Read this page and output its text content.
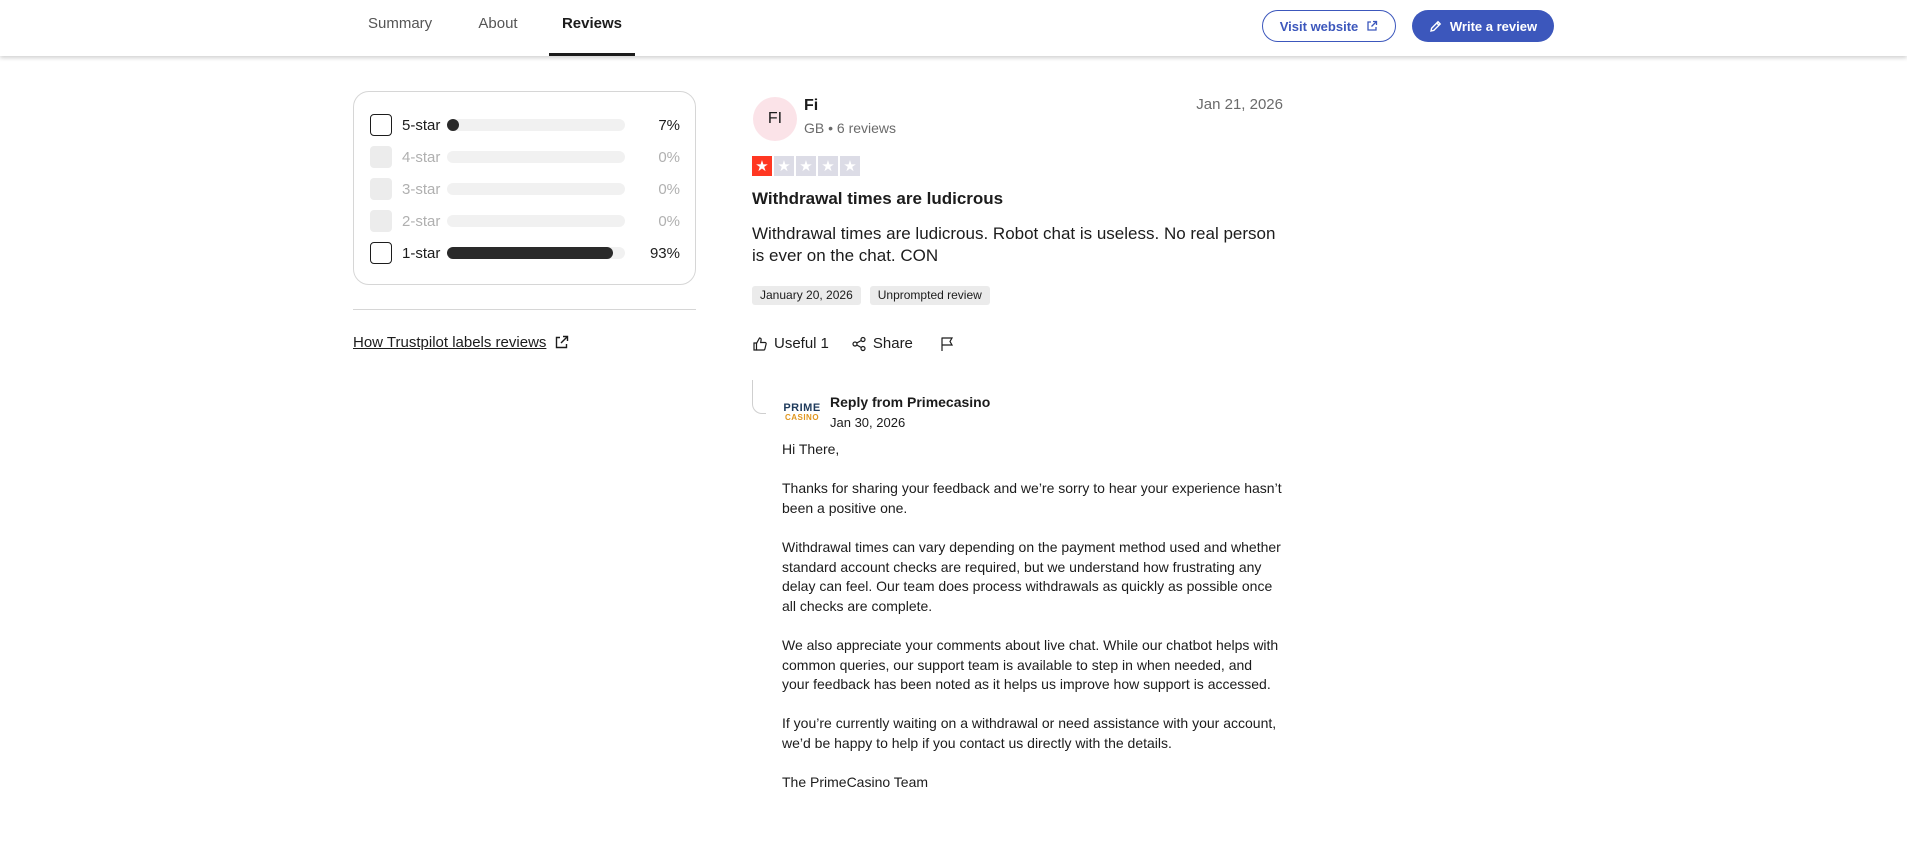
Summary	About	Reviews	Visit website	Write a review
5-star	7%
4-star	0%
3-star	0%
2-star	0%
1-star	93%
How Trustpilot labels reviews
FI
Fi
GB • 6 reviews
Jan 21, 2026
★ ★ ★ ★ ★
Withdrawal times are ludicrous
Withdrawal times are ludicrous. Robot chat is useless. No real person is ever on the chat. CON
January 20, 2026	Unprompted review
Useful 1	Share
PRIME
CASINO
Reply from Primecasino
Jan 30, 2026

Hi There,

Thanks for sharing your feedback and we’re sorry to hear your experience hasn’t been a positive one.

Withdrawal times can vary depending on the payment method used and whether standard account checks are required, but we understand how frustrating any delay can feel. Our team does process withdrawals as quickly as possible once all checks are complete.

We also appreciate your comments about live chat. While our chatbot helps with common queries, our support team is available to step in when needed, and your feedback has been noted as it helps us improve how support is accessed.

If you’re currently waiting on a withdrawal or need assistance with your account, we’d be happy to help if you contact us directly with the details.

The PrimeCasino Team
